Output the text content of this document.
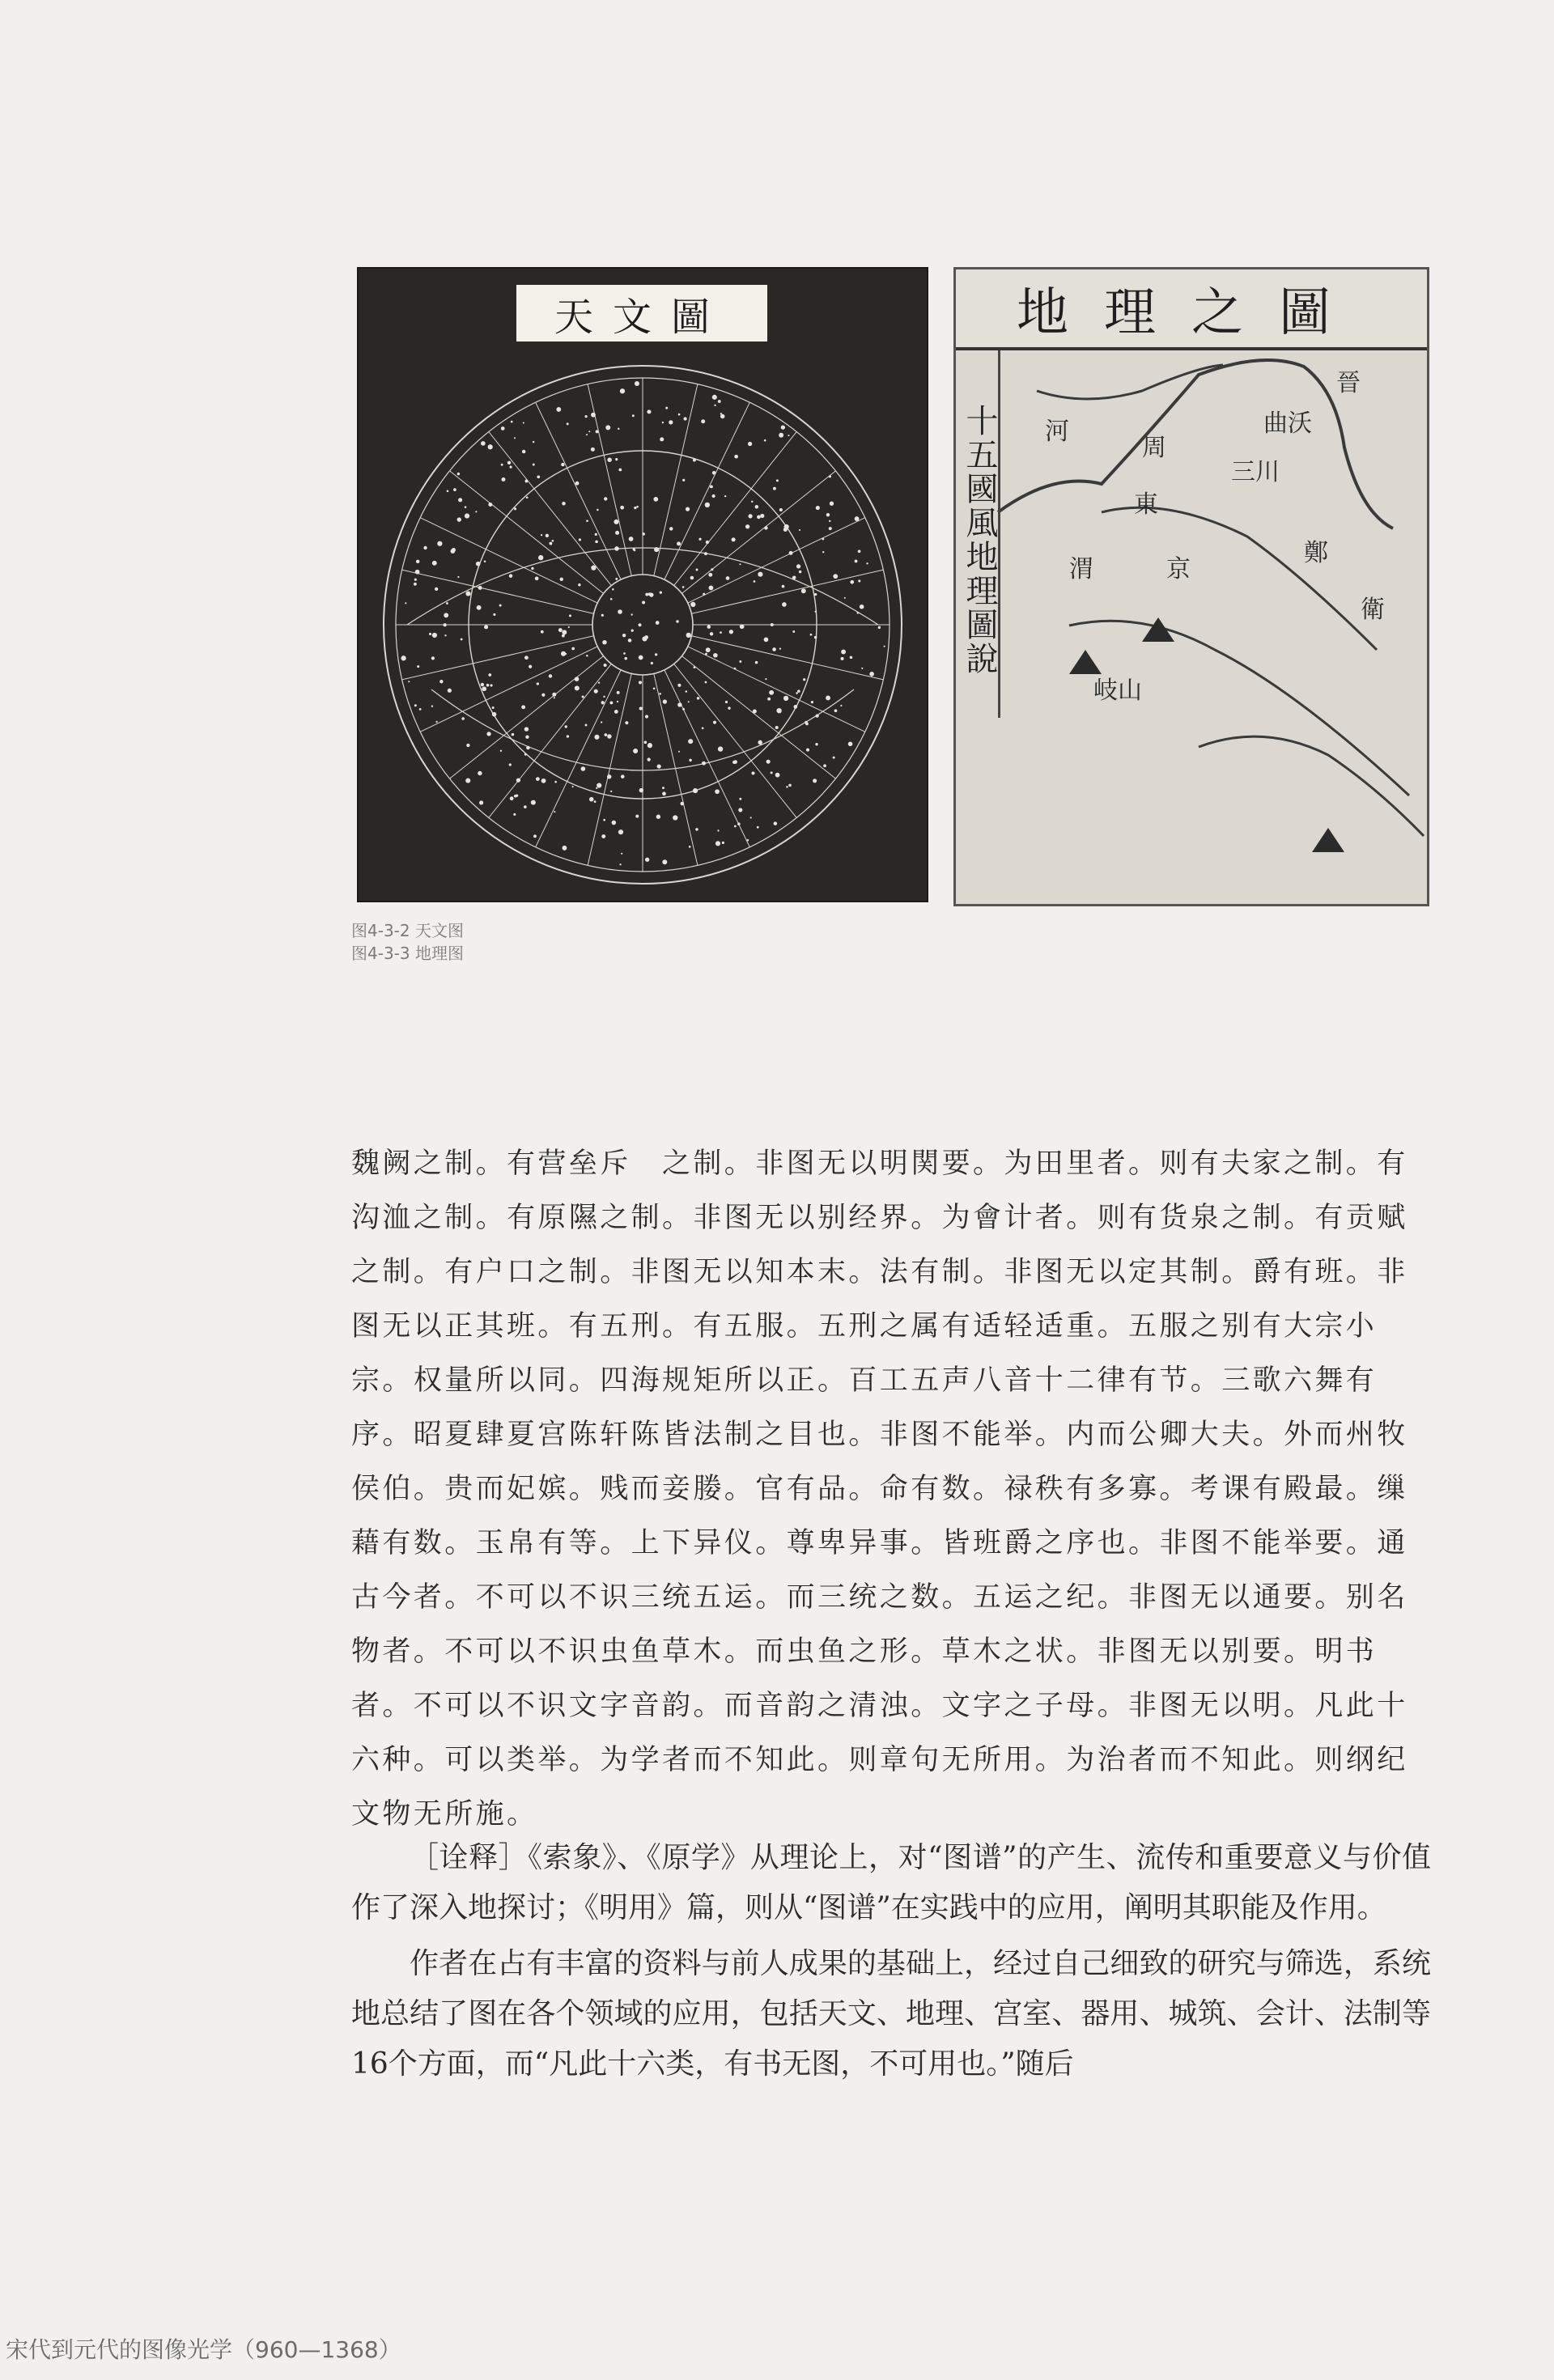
天文圖
河
三川
曲沃
晉
周
鄭
衛
東
京
渭
岐山
地理之圖
十五國風地理圖說
图4-3-2 天文图
图4-3-3 地理图

魏阙之制。有营垒斥　之制。非图无以明関要。为田里者。则有夫家之制。有沟洫之制。有原隰之制。非图无以别经界。为會计者。则有货泉之制。有贡赋之制。有户口之制。非图无以知本末。法有制。非图无以定其制。爵有班。非图无以正其班。有五刑。有五服。五刑之属有适轻适重。五服之别有大宗小宗。权量所以同。四海规矩所以正。百工五声八音十二律有节。三歌六舞有序。昭夏肆夏宫陈轩陈皆法制之目也。非图不能举。内而公卿大夫。外而州牧侯伯。贵而妃嫔。贱而妾媵。官有品。命有数。禄秩有多寡。考课有殿最。缫藉有数。玉帛有等。上下异仪。尊卑异事。皆班爵之序也。非图不能举要。通古今者。不可以不识三统五运。而三统之数。五运之纪。非图无以通要。别名物者。不可以不识虫鱼草木。而虫鱼之形。草木之状。非图无以别要。明书者。不可以不识文字音韵。而音韵之清浊。文字之子母。非图无以明。凡此十六种。可以类举。为学者而不知此。则章句无所用。为治者而不知此。则纲纪文物无所施。

［诠释］《索象》、《原学》从理论上，对“图谱”的产生、流传和重要意义与价值作了深入地探讨；《明用》篇，则从“图谱”在实践中的应用，阐明其职能及作用。

作者在占有丰富的资料与前人成果的基础上，经过自己细致的研究与筛选，系统地总结了图在各个领域的应用，包括天文、地理、宫室、器用、城筑、会计、法制等16个方面，而“凡此十六类，有书无图，不可用也。”随后

宋代到元代的图像光学（960—1368）
